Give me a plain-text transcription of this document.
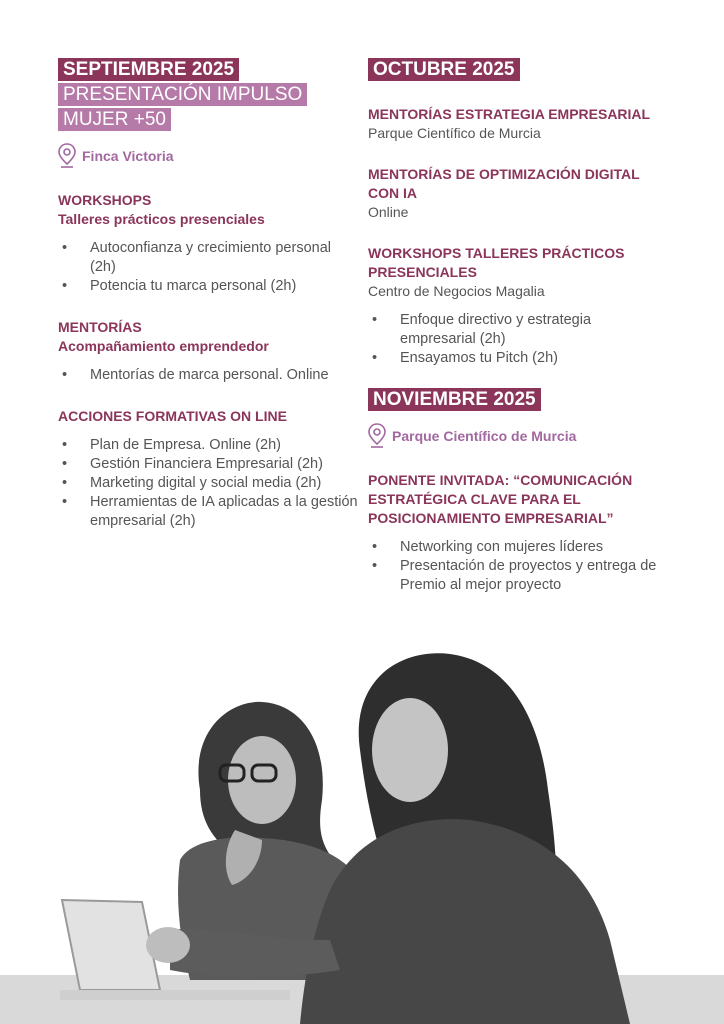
SEPTIEMBRE 2025
PRESENTACIÓN IMPULSO
MUJER +50
Finca Victoria
WORKSHOPS
Talleres prácticos presenciales
• Autoconfianza y crecimiento personal (2h)
• Potencia tu marca personal (2h)
MENTORÍAS
Acompañamiento emprendedor
• Mentorías de marca personal. Online
ACCIONES FORMATIVAS ON LINE
• Plan de Empresa. Online (2h)
• Gestión Financiera Empresarial (2h)
• Marketing digital y social media (2h)
• Herramientas de IA aplicadas a la gestión empresarial (2h)
OCTUBRE 2025
MENTORÍAS ESTRATEGIA EMPRESARIAL
Parque Científico de Murcia
MENTORÍAS DE OPTIMIZACIÓN DIGITAL CON IA
Online
WORKSHOPS TALLERES PRÁCTICOS PRESENCIALES
Centro de Negocios Magalia
• Enfoque directivo y estrategia empresarial (2h)
• Ensayamos tu Pitch (2h)
NOVIEMBRE 2025
Parque Científico de Murcia
PONENTE INVITADA: “COMUNICACIÓN ESTRATÉGICA CLAVE PARA EL POSICIONAMIENTO EMPRESARIAL”
• Networking con mujeres líderes
• Presentación de proyectos y entrega de Premio al mejor proyecto
